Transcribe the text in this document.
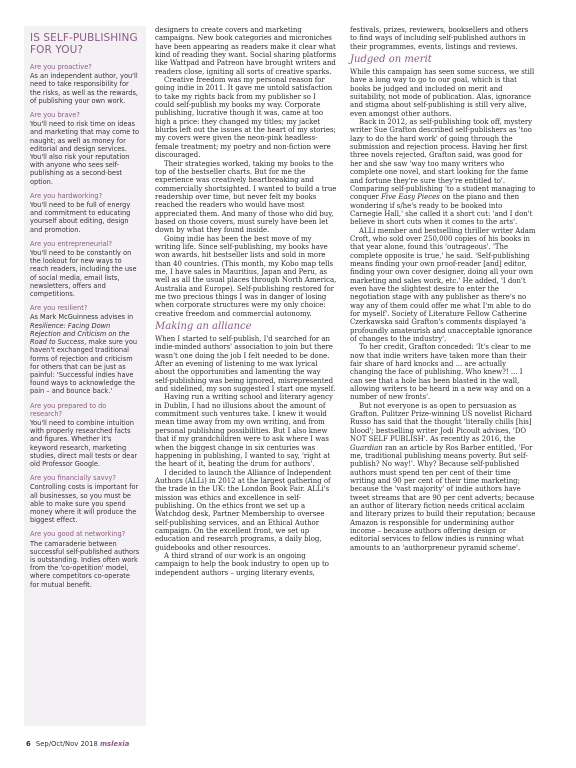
IS SELF-PUBLISHING FOR YOU?
Are you proactive?
As an independent author, you'll need to take responsibility for the risks, as well as the rewards, of publishing your own work.
Are you brave?
You'll need to risk time on ideas and marketing that may come to naught; as well as money for editorial and design services. You'll also risk your reputation with anyone who sees self-publishing as a second-best option.
Are you hardworking?
You'll need to be full of energy and commitment to educating yourself about editing, design and promotion.
Are you entrepreneurial?
You'll need to be constantly on the lookout for new ways to reach readers, including the use of social media, email lists, newsletters, offers and competitions.
Are you resilient?
As Mark McGuinness advises in Resilience: Facing Down Rejection and Criticism on the Road to Success, make sure you haven't exchanged traditional forms of rejection and criticism for others that can be just as painful: 'Successful indies have found ways to acknowledge the pain – and bounce back.'
Are you prepared to do research?
You'll need to combine intuition with properly researched facts and figures. Whether it's keyword research, marketing studies, direct mail tests or dear old Professor Google.
Are you financially savvy?
Controlling costs is important for all businesses, so you must be able to make sure you spend money where it will produce the biggest effect.
Are you good at networking?
The camaraderie between successful self-published authors is outstanding. Indies often work from the 'co-opetition' model, where competitors co-operate for mutual benefit.

designers to create covers and marketing campaigns. New book categories and microniches have been appearing as readers make it clear what kind of reading they want. Social sharing platforms like Wattpad and Patreon have brought writers and readers close, igniting all sorts of creative sparks.

Creative freedom was my personal reason for going indie in 2011. It gave me untold satisfaction to take my rights back from my publisher so I could self-publish my books my way. Corporate publishing, lucrative though it was, came at too high a price: they changed my titles; my jacket blurbs left out the issues at the heart of my stories; my covers were given the neon-pink headless-female treatment; my poetry and non-fiction were discouraged.

Their strategies worked, taking my books to the top of the bestseller charts. But for me the experience was creatively heartbreaking and commercially shortsighted. I wanted to build a true readership over time, but never felt my books reached the readers who would have most appreciated them. And many of those who did buy, based on those covers, must surely have been let down by what they found inside.

Going indie has been the best move of my writing life. Since self-publishing, my books have won awards, hit bestseller lists and sold in more than 40 countries. (This month, my Kobo map tells me, I have sales in Mauritius, Japan and Peru, as well as all the usual places through North America, Australia and Europe). Self-publishing restored for me two precious things I was in danger of losing when corporate structures were my only choice: creative freedom and commercial autonomy.

Making an alliance

When I started to self-publish, I'd searched for an indie-minded authors' association to join but there wasn't one doing the job I felt needed to be done. After an evening of listening to me wax lyrical about the opportunities and lamenting the way self-publishing was being ignored, misrepresented and sidelined, my son suggested I start one myself.

Having run a writing school and literary agency in Dublin, I had no illusions about the amount of commitment such ventures take. I knew it would mean time away from my own writing, and from personal publishing possibilities. But I also knew that if my grandchildren were to ask where I was when the biggest change in six centuries was happening in publishing, I wanted to say, 'right at the heart of it, beating the drum for authors'.

I decided to launch the Alliance of Independent Authors (ALLi) in 2012 at the largest gathering of the trade in the UK: the London Book Fair. ALLi's mission was ethics and excellence in self-publishing. On the ethics front we set up a Watchdog desk, Partner Membership to oversee self-publishing services, and an Ethical Author campaign. On the excellent front, we set up education and research programs, a daily blog, guidebooks and other resources.

A third strand of our work is an ongoing campaign to help the book industry to open up to independent authors – urging literary events,

festivals, prizes, reviewers, booksellers and others to find ways of including self-published authors in their programmes, events, listings and reviews.

Judged on merit

While this campaign has seen some success, we still have a long way to go to our goal, which is that books be judged and included on merit and suitability, not mode of publication. Alas, ignorance and stigma about self-publishing is still very alive, even amongst other authors.

Back in 2012, as self-publishing took off, mystery writer Sue Grafton described self-publishers as 'too lazy to do the hard work' of going through the submission and rejection process. Having her first three novels rejected, Grafton said, was good for her and she saw 'way too many writers who complete one novel, and start looking for the fame and fortune they're sure they're entitled to'. Comparing self-publishing 'to a student managing to conquer Five Easy Pieces on the piano and then wondering if s/he's ready to be booked into Carnegie Hall,' she called it a short cut: 'and I don't believe in short cuts when it comes to the arts'.

ALLi member and bestselling thriller writer Adam Croft, who sold over 250,000 copies of his books in that year alone, found this 'outrageous'. 'The complete opposite is true,' he said. 'Self-publishing means finding your own proof-reader [and] editor, finding your own cover designer, doing all your own marketing and sales work, etc.' He added, 'I don't even have the slightest desire to enter the negotiation stage with any publisher as there's no way any of them could offer me what I'm able to do for myself'. Society of Literature Fellow Catherine Czerkawska said Grafton's comments displayed 'a profoundly amateurish and unacceptable ignorance of changes to the industry'.

To her credit, Grafton conceded: 'It's clear to me now that indie writers have taken more than their fair share of hard knocks and ... are actually changing the face of publishing. Who knew?! ... I can see that a hole has been blasted in the wall, allowing writers to be heard in a new way and on a number of new fronts'.

But not everyone is as open to persuasion as Grafton. Pulitzer Prize-winning US novelist Richard Russo has said that the thought 'literally chills [his] blood'; bestselling writer Jodi Picoult advises, 'DO NOT SELF PUBLISH'. As recently as 2016, the Guardian ran an article by Ros Barber entitled, 'For me, traditional publishing means poverty. But self-publish? No way!'. Why? Because self-published authors must spend ten per cent of their time writing and 90 per cent of their time marketing; because the 'vast majority' of indie authors have tweet streams that are 90 per cent adverts; because an author of literary fiction needs critical acclaim and literary prizes to build their reputation; because Amazon is responsible for undermining author income – because authors offering design or editorial services to fellow indies is running what amounts to an 'authorpreneur pyramid scheme'.

6 Sep/Oct/Nov 2018 mslexia
